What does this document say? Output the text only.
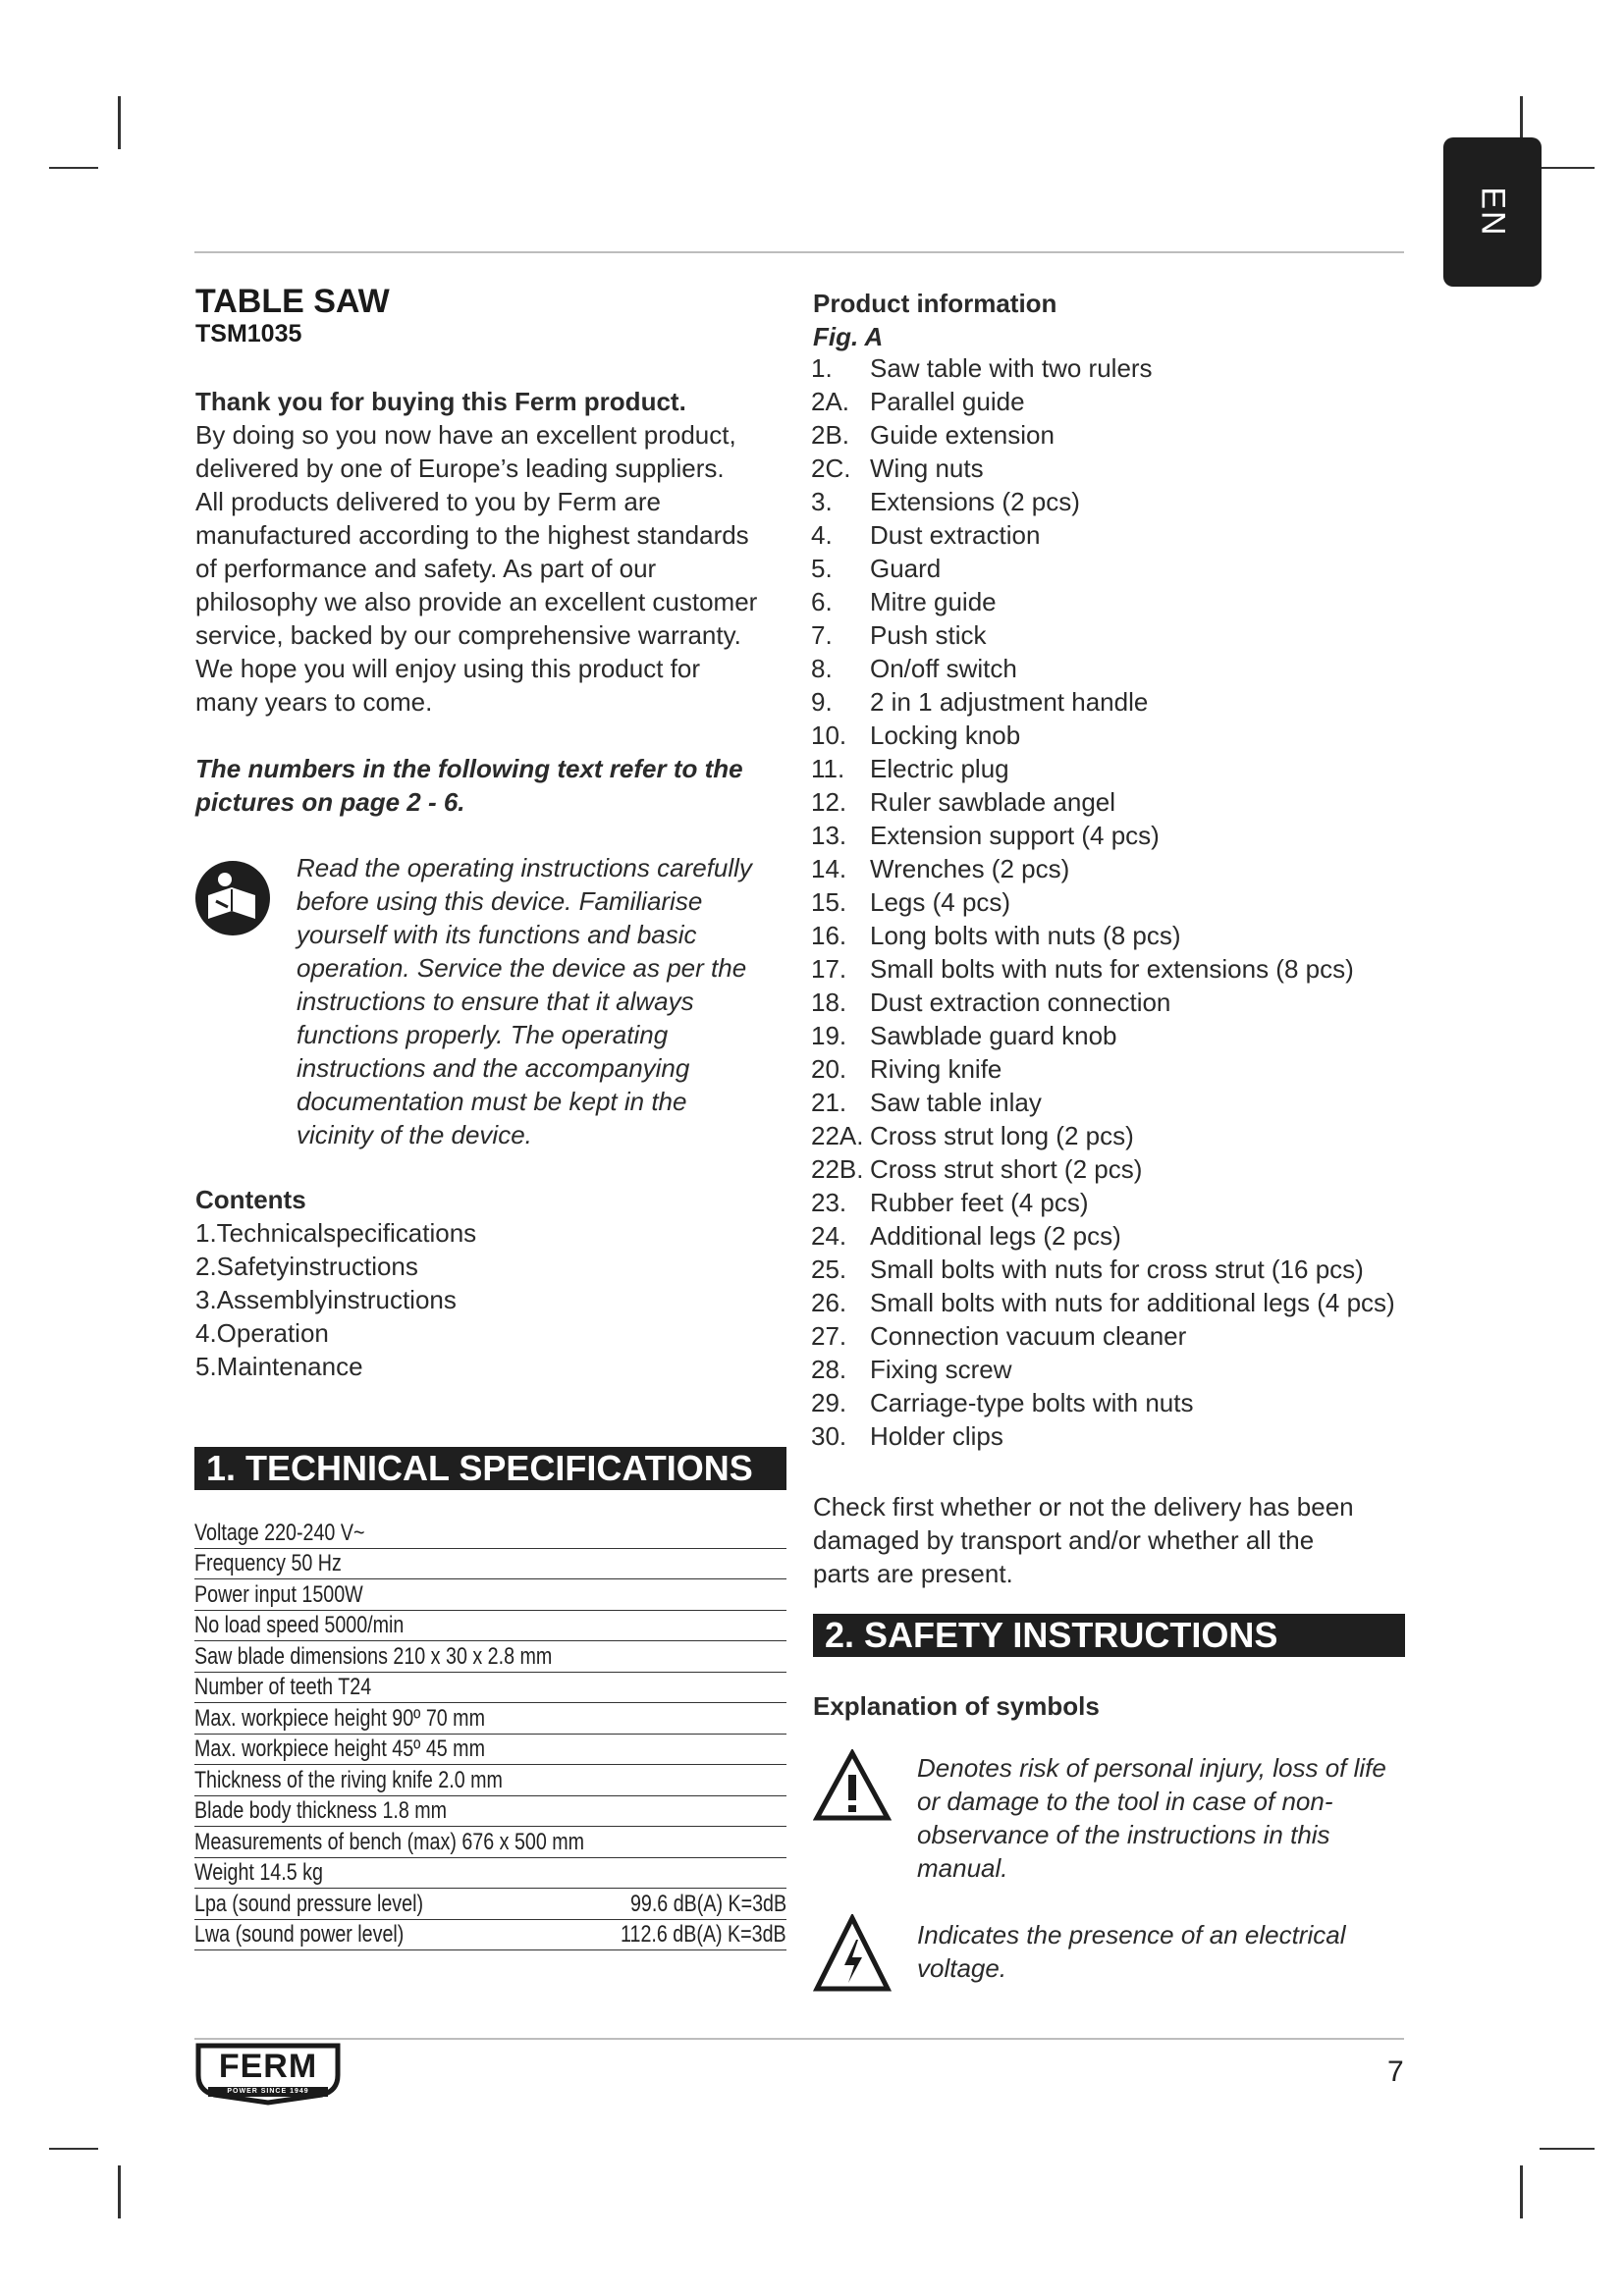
EN
TABLE SAW
TSM1035
Thank you for buying this Ferm product.
By doing so you now have an excellent product,
delivered by one of Europe’s leading suppliers.
All products delivered to you by Ferm are
manufactured according to the highest standards
of performance and safety. As part of our
philosophy we also provide an excellent customer
service, backed by our comprehensive warranty.
We hope you will enjoy using this product for
many years to come.
The numbers in the following text refer to the
pictures on page 2 - 6.
Read the operating instructions carefully
before using this device. Familiarise
yourself with its functions and basic
operation. Service the device as per the
instructions to ensure that it always
functions properly. The operating
instructions and the accompanying
documentation must be kept in the
vicinity of the device.
Contents
1.Technicalspecifications
2.Safetyinstructions
3.Assemblyinstructions
4.Operation
5.Maintenance
1. TECHNICAL SPECIFICATIONS
Voltage 220-240 V~
Frequency 50 Hz
Power input 1500W
No load speed 5000/min
Saw blade dimensions 210 x 30 x 2.8 mm
Number of teeth T24
Max. workpiece height 90º 70 mm
Max. workpiece height 45º 45 mm
Thickness of the riving knife 2.0 mm
Blade body thickness 1.8 mm
Measurements of bench (max) 676 x 500 mm
Weight 14.5 kg
Lpa (sound pressure level)	99.6 dB(A) K=3dB
Lwa (sound power level)	112.6 dB(A) K=3dB
Product information
Fig. A
1.	Saw table with two rulers
2A. Parallel guide
2B. Guide extension
2C. Wing nuts
3.	Extensions (2 pcs)
4.	Dust extraction
5.	Guard
6.	Mitre guide
7.	Push stick
8.	On/off switch
9.	2 in 1 adjustment handle
10. Locking knob
11. Electric plug
12. Ruler sawblade angel
13. Extension support (4 pcs)
14. Wrenches (2 pcs)
15. Legs (4 pcs)
16. Long bolts with nuts (8 pcs)
17. Small bolts with nuts for extensions (8 pcs)
18. Dust extraction connection
19. Sawblade guard knob
20. Riving knife
21. Saw table inlay
22A. Cross strut long (2 pcs)
22B. Cross strut short (2 pcs)
23. Rubber feet (4 pcs)
24. Additional legs (2 pcs)
25. Small bolts with nuts for cross strut (16 pcs)
26. Small bolts with nuts for additional legs (4 pcs)
27. Connection vacuum cleaner
28. Fixing screw
29. Carriage-type bolts with nuts
30. Holder clips
Check first whether or not the delivery has been
damaged by transport and/or whether all the
parts are present.
2. SAFETY INSTRUCTIONS
Explanation of symbols
Denotes risk of personal injury, loss of life
or damage to the tool in case of non-
observance of the instructions in this
manual.
Indicates the presence of an electrical
voltage.
FERM
POWER SINCE 1949
7
